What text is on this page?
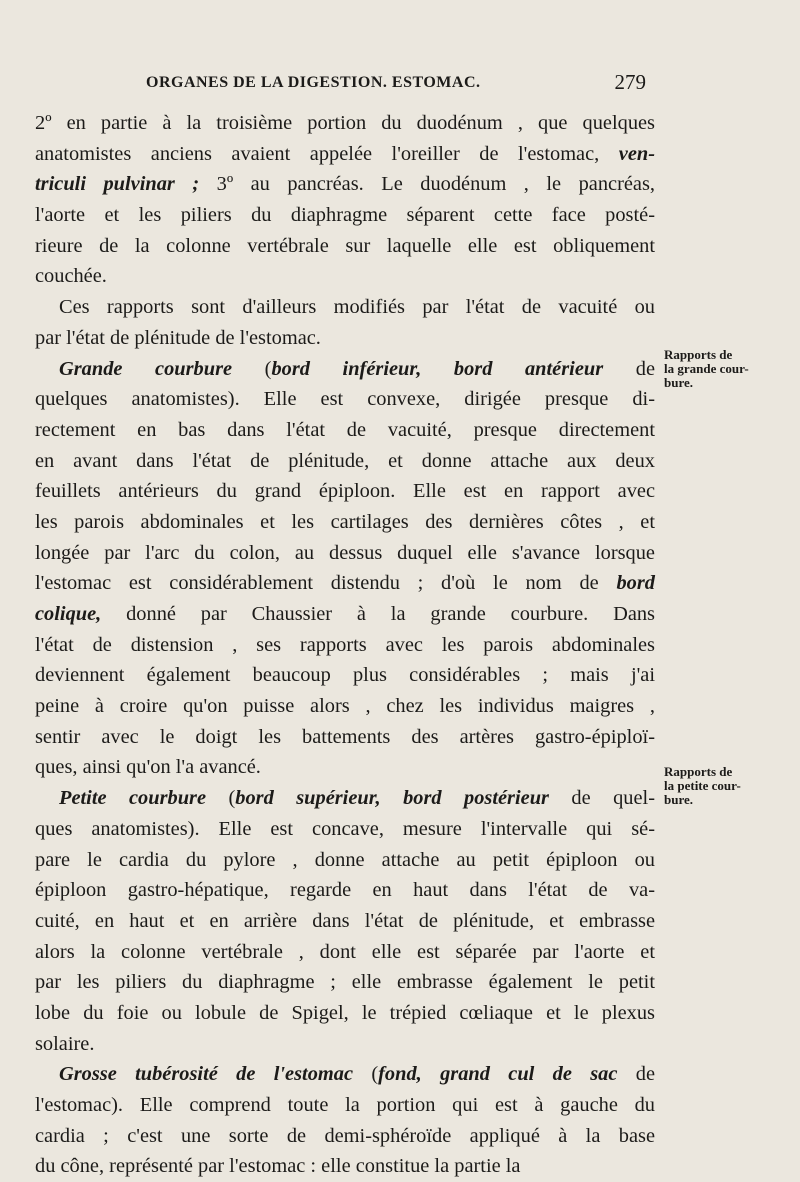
ORGANES DE LA DIGESTION. ESTOMAC.	279
2º en partie à la troisième portion du duodénum , que quelques
anatomistes anciens avaient appelée l'oreiller de l'estomac, ven-
triculi pulvinar ; 3º au pancréas. Le duodénum , le pancréas,
l'aorte et les piliers du diaphragme séparent cette face posté-
rieure de la colonne vertébrale sur laquelle elle est obliquement
couchée.
Ces rapports sont d'ailleurs modifiés par l'état de vacuité ou
par l'état de plénitude de l'estomac.
Grande courbure (bord inférieur, bord antérieur de
quelques anatomistes). Elle est convexe, dirigée presque di-
rectement en bas dans l'état de vacuité, presque directement
en avant dans l'état de plénitude, et donne attache aux deux
feuillets antérieurs du grand épiploon. Elle est en rapport avec
les parois abdominales et les cartilages des dernières côtes , et
longée par l'arc du colon, au dessus duquel elle s'avance lorsque
l'estomac est considérablement distendu ; d'où le nom de bord
colique, donné par Chaussier à la grande courbure. Dans
l'état de distension , ses rapports avec les parois abdominales
deviennent également beaucoup plus considérables ; mais j'ai
peine à croire qu'on puisse alors , chez les individus maigres ,
sentir avec le doigt les battements des artères gastro-épiploï-
ques, ainsi qu'on l'a avancé.
Petite courbure (bord supérieur, bord postérieur de quel-
ques anatomistes). Elle est concave, mesure l'intervalle qui sé-
pare le cardia du pylore , donne attache au petit épiploon ou
épiploon gastro-hépatique, regarde en haut dans l'état de va-
cuité, en haut et en arrière dans l'état de plénitude, et embrasse
alors la colonne vertébrale , dont elle est séparée par l'aorte et
par les piliers du diaphragme ; elle embrasse également le petit
lobe du foie ou lobule de Spigel, le trépied cœliaque et le plexus
solaire.
Grosse tubérosité de l'estomac (fond, grand cul de sac de
l'estomac). Elle comprend toute la portion qui est à gauche du
cardia ; c'est une sorte de demi-sphéroïde appliqué à la base
du cône, représenté par l'estomac : elle constitue la partie la
Rapports de
la grande cour-
bure.
Rapports de
la petite cour-
bure.
